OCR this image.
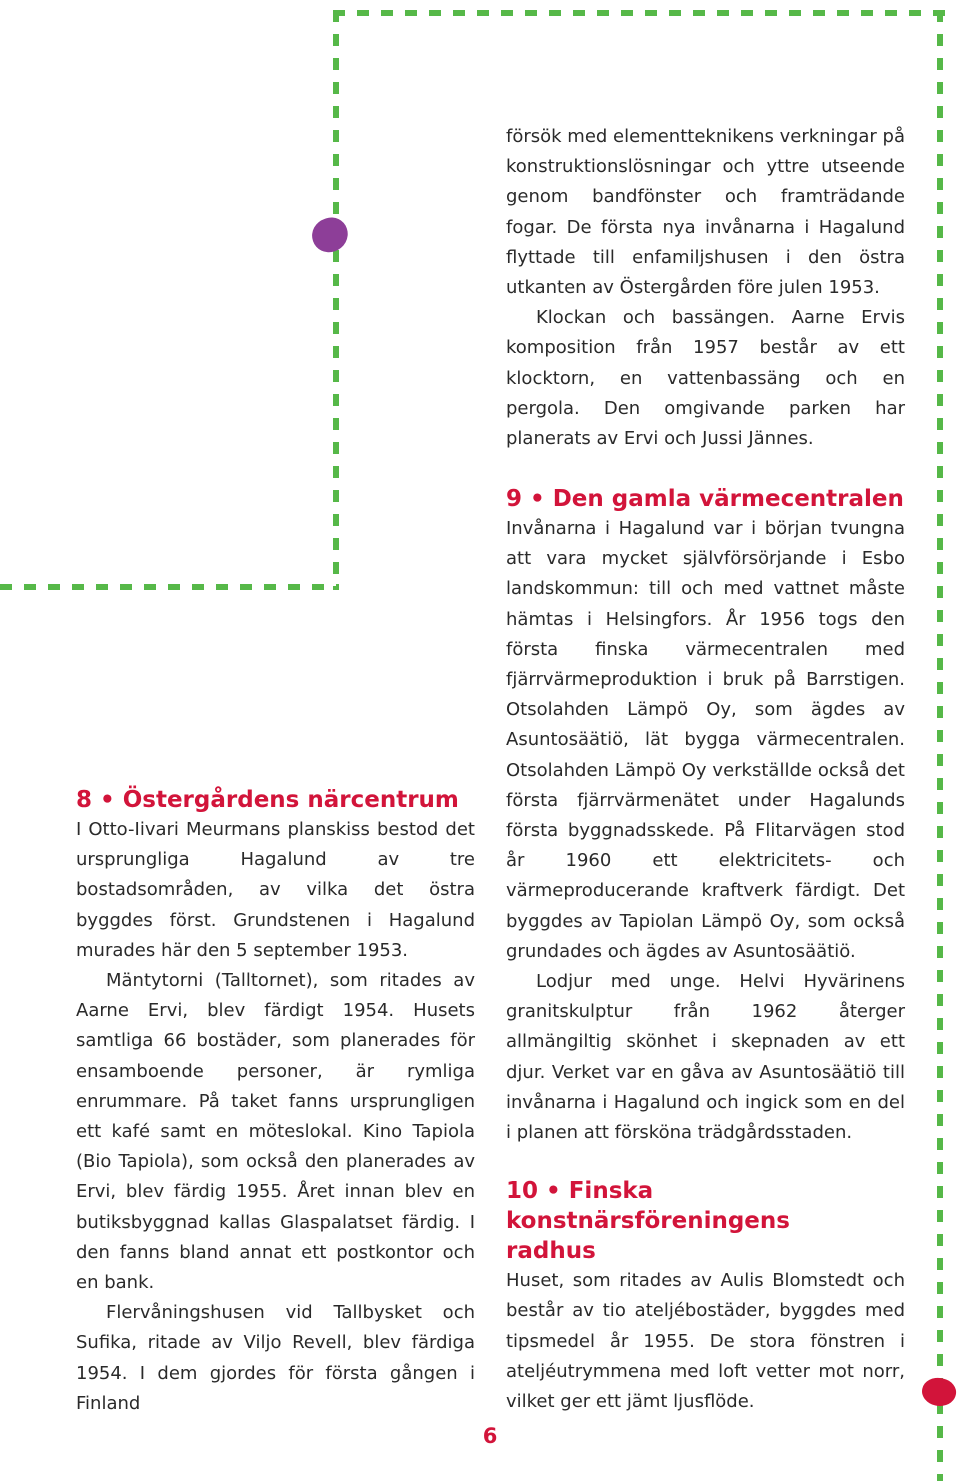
försök med elementteknikens verkningar på konstruktionslösningar och yttre utseende genom bandfönster och framträdande fogar. De första nya invånarna i Hagalund flyttade till enfamiljshusen i den östra utkanten av Östergården före julen 1953.

Klockan och bassängen. Aarne Ervis komposition från 1957 består av ett klocktorn, en vattenbassäng och en pergola. Den omgivande parken har planerats av Ervi och Jussi Jännes.

9 • Den gamla värmecentralen

Invånarna i Hagalund var i början tvungna att vara mycket självförsörjande i Esbo landskommun: till och med vattnet måste hämtas i Helsingfors. År 1956 togs den första finska värmecentralen med fjärrvärmeproduktion i bruk på Barrstigen. Otsolahden Lämpö Oy, som ägdes av Asuntosäätiö, lät bygga värmecentralen. Otsolahden Lämpö Oy verkställde också det första fjärrvärmenätet under Hagalunds första byggnadsskede. På Flitarvägen stod år 1960 ett elektricitets- och värmeproducerande kraftverk färdigt. Det byggdes av Tapiolan Lämpö Oy, som också grundades och ägdes av Asuntosäätiö.

Lodjur med unge. Helvi Hyvärinens granitskulptur från 1962 återger allmängiltig skönhet i skepnaden av ett djur. Verket var en gåva av Asuntosäätiö till invånarna i Hagalund och ingick som en del i planen att försköna trädgårdsstaden.

10 • Finska konstnärsföreningens radhus

Huset, som ritades av Aulis Blomstedt och består av tio ateljébostäder, byggdes med tipsmedel år 1955. De stora fönstren i ateljéutrymmena med loft vetter mot norr, vilket ger ett jämt ljusflöde.

8 • Östergårdens närcentrum

I Otto-Iivari Meurmans planskiss bestod det ursprungliga Hagalund av tre bostadsområden, av vilka det östra byggdes först. Grundstenen i Hagalund murades här den 5 september 1953.

Mäntytorni (Talltornet), som ritades av Aarne Ervi, blev färdigt 1954. Husets samtliga 66 bostäder, som planerades för ensamboende personer, är rymliga enrummare. På taket fanns ursprungligen ett kafé samt en möteslokal. Kino Tapiola (Bio Tapiola), som också den planerades av Ervi, blev färdig 1955. Året innan blev en butiksbyggnad kallas Glaspalatset färdig. I den fanns bland annat ett postkontor och en bank.

Flervåningshusen vid Tallbysket och Sufika, ritade av Viljo Revell, blev färdiga 1954. I dem gjordes för första gången i Finland

6
